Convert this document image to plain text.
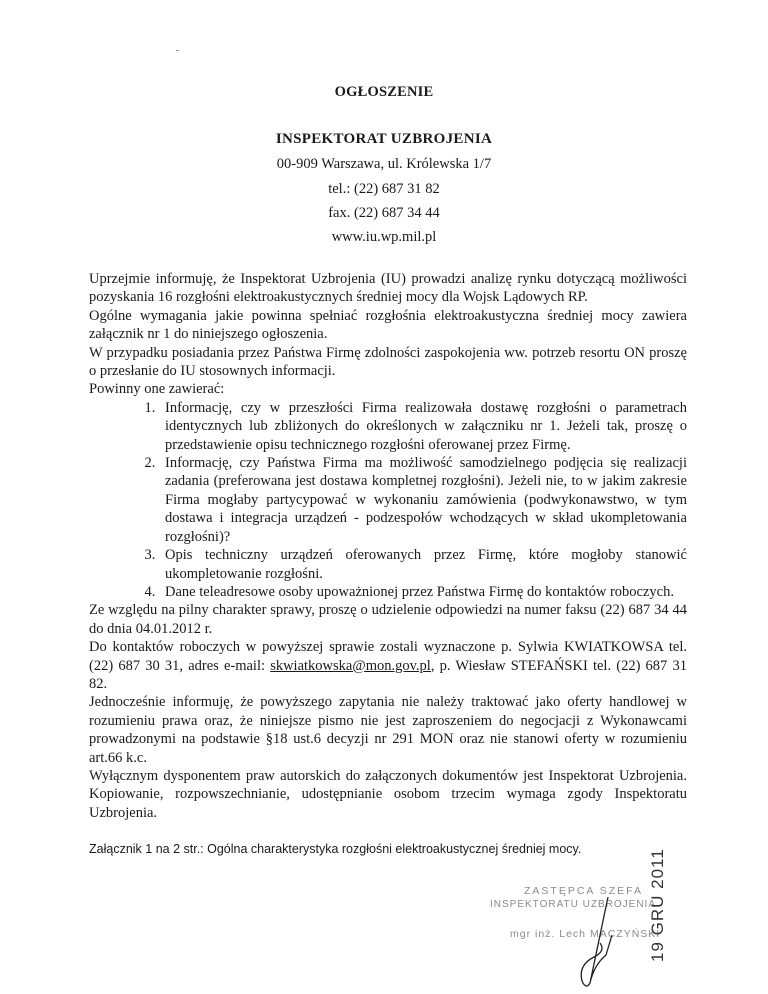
OGŁOSZENIE
INSPEKTORAT UZBROJENIA
00-909 Warszawa, ul. Królewska 1/7
tel.: (22) 687 31 82
fax. (22) 687 34 44
www.iu.wp.mil.pl

Uprzejmie informuję, że Inspektorat Uzbrojenia (IU) prowadzi analizę rynku dotyczącą możliwości pozyskania 16 rozgłośni elektroakustycznych średniej mocy dla Wojsk Lądowych RP.

Ogólne wymagania jakie powinna spełniać rozgłośnia elektroakustyczna średniej mocy zawiera załącznik nr 1 do niniejszego ogłoszenia.

W przypadku posiadania przez Państwa Firmę zdolności zaspokojenia ww. potrzeb resortu ON proszę o przesłanie do IU stosownych informacji.

Powinny one zawierać:

1. Informację, czy w przeszłości Firma realizowała dostawę rozgłośni o parametrach identycznych lub zbliżonych do określonych w załączniku nr 1. Jeżeli tak, proszę o przedstawienie opisu technicznego rozgłośni oferowanej przez Firmę.
2. Informację, czy Państwa Firma ma możliwość samodzielnego podjęcia się realizacji zadania (preferowana jest dostawa kompletnej rozgłośni). Jeżeli nie, to w jakim zakresie Firma mogłaby partycypować w wykonaniu zamówienia (podwykonawstwo, w tym dostawa i integracja urządzeń - podzespołów wchodzących w skład ukompletowania rozgłośni)?
3. Opis techniczny urządzeń oferowanych przez Firmę, które mogłoby stanowić ukompletowanie rozgłośni.
4. Dane teleadresowe osoby upoważnionej przez Państwa Firmę do kontaktów roboczych.

Ze względu na pilny charakter sprawy, proszę o udzielenie odpowiedzi na numer faksu (22) 687 34 44 do dnia 04.01.2012 r.

Do kontaktów roboczych w powyższej sprawie zostali wyznaczone p. Sylwia KWIATKOWSA tel. (22) 687 30 31, adres e-mail: skwiatkowska@mon.gov.pl, p. Wiesław STEFAŃSKI tel. (22) 687 31 82.

Jednocześnie informuję, że powyższego zapytania nie należy traktować jako oferty handlowej w rozumieniu prawa oraz, że niniejsze pismo nie jest zaproszeniem do negocjacji z Wykonawcami prowadzonymi na podstawie §18 ust.6 decyzji nr 291 MON oraz nie stanowi oferty w rozumieniu art.66 k.c.

Wyłącznym dysponentem praw autorskich do załączonych dokumentów jest Inspektorat Uzbrojenia. Kopiowanie, rozpowszechnianie, udostępnianie osobom trzecim wymaga zgody Inspektoratu Uzbrojenia.

Załącznik 1 na 2 str.: Ogólna charakterystyka rozgłośni elektroakustycznej średniej mocy.
ZASTĘPCA SZEFA
INSPEKTORATU UZBROJENIA
mgr inż. Lech MACZYŃSKI
19 GRU 2011
